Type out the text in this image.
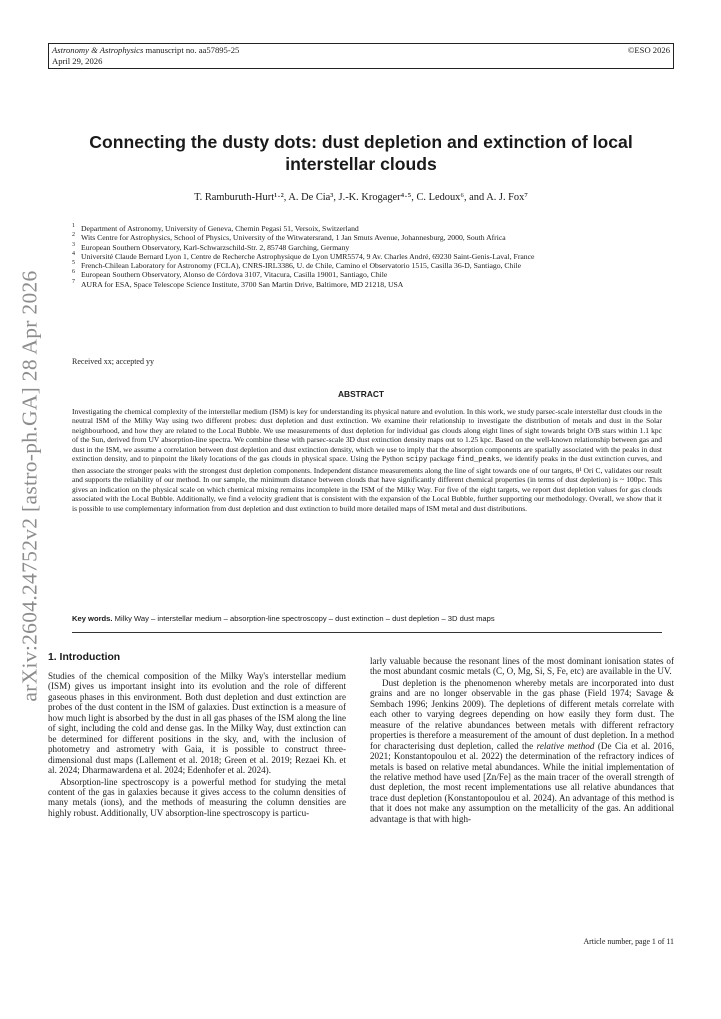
Astronomy & Astrophysics manuscript no. aa57895-25
April 29, 2026
©ESO 2026
arXiv:2604.24752v2 [astro-ph.GA] 28 Apr 2026
Connecting the dusty dots: dust depletion and extinction of local interstellar clouds
T. Ramburuth-Hurt¹·², A. De Cia³, J.-K. Krogager⁴·⁵, C. Ledoux⁶, and A. J. Fox⁷
1 Department of Astronomy, University of Geneva, Chemin Pegasi 51, Versoix, Switzerland
2 Wits Centre for Astrophysics, School of Physics, University of the Witwatersrand, 1 Jan Smuts Avenue, Johannesburg, 2000, South Africa
3 European Southern Observatory, Karl-Schwarzschild-Str. 2, 85748 Garching, Germany
4 Université Claude Bernard Lyon 1, Centre de Recherche Astrophysique de Lyon UMR5574, 9 Av. Charles André, 69230 Saint-Genis-Laval, France
5 French-Chilean Laboratory for Astronomy (FCLA), CNRS-IRL3386, U. de Chile, Camino el Observatorio 1515, Casilla 36-D, Santiago, Chile
6 European Southern Observatory, Alonso de Córdova 3107, Vitacura, Casilla 19001, Santiago, Chile
7 AURA for ESA, Space Telescope Science Institute, 3700 San Martin Drive, Baltimore, MD 21218, USA
Received xx; accepted yy
ABSTRACT
Investigating the chemical complexity of the interstellar medium (ISM) is key for understanding its physical nature and evolution. In this work, we study parsec-scale interstellar dust clouds in the neutral ISM of the Milky Way using two different probes: dust depletion and dust extinction. We examine their relationship to investigate the distribution of metals and dust in the Solar neighbourhood, and how they are related to the Local Bubble. We use measurements of dust depletion for individual gas clouds along eight lines of sight towards bright O/B stars within 1.1 kpc of the Sun, derived from UV absorption-line spectra. We combine these with parsec-scale 3D dust extinction density maps out to 1.25 kpc. Based on the well-known relationship between gas and dust in the ISM, we assume a correlation between dust depletion and dust extinction density, which we use to imply that the absorption components are spatially associated with the peaks in dust extinction density, and to pinpoint the likely locations of the gas clouds in physical space. Using the Python scipy package find_peaks, we identify peaks in the dust extinction curves, and then associate the stronger peaks with the strongest dust depletion components. Independent distance measurements along the line of sight towards one of our targets, θ¹ Ori C, validates our result and supports the reliability of our method. In our sample, the minimum distance between clouds that have significantly different chemical properties (in terms of dust depletion) is ~ 100pc. This gives an indication on the physical scale on which chemical mixing remains incomplete in the ISM of the Milky Way. For five of the eight targets, we report dust depletion values for gas clouds associated with the Local Bubble. Additionally, we find a velocity gradient that is consistent with the expansion of the Local Bubble, further supporting our methodology. Overall, we show that it is possible to use complementary information from dust depletion and dust extinction to build more detailed maps of ISM metal and dust distributions.
Key words. Milky Way – interstellar medium – absorption-line spectroscopy – dust extinction – dust depletion – 3D dust maps
1. Introduction

Studies of the chemical composition of the Milky Way's interstellar medium (ISM) gives us important insight into its evolution and the role of different gaseous phases in this environment. Both dust depletion and dust extinction are probes of the dust content in the ISM of galaxies. Dust extinction is a measure of how much light is absorbed by the dust in all gas phases of the ISM along the line of sight, including the cold and dense gas. In the Milky Way, dust extinction can be determined for different positions in the sky, and, with the inclusion of photometry and astrometry with Gaia, it is possible to construct three-dimensional dust maps (Lallement et al. 2018; Green et al. 2019; Rezaei Kh. et al. 2024; Dharmawardena et al. 2024; Edenhofer et al. 2024).

Absorption-line spectroscopy is a powerful method for studying the metal content of the gas in galaxies because it gives access to the column densities of many metals (ions), and the methods of measuring the column densities are highly robust. Additionally, UV absorption-line spectroscopy is particu-

larly valuable because the resonant lines of the most dominant ionisation states of the most abundant cosmic metals (C, O, Mg, Si, S, Fe, etc) are available in the UV.

Dust depletion is the phenomenon whereby metals are incorporated into dust grains and are no longer observable in the gas phase (Field 1974; Savage & Sembach 1996; Jenkins 2009). The depletions of different metals correlate with each other to varying degrees depending on how easily they form dust. The measure of the relative abundances between metals with different refractory properties is therefore a measurement of the amount of dust depletion. In a method for characterising dust depletion, called the relative method (De Cia et al. 2016, 2021; Konstantopoulou et al. 2022) the determination of the refractory indices of metals is based on relative metal abundances. While the initial implementation of the relative method have used [Zn/Fe] as the main tracer of the overall strength of dust depletion, the most recent implementations use all relative abundances that trace dust depletion (Konstantopoulou et al. 2024). An advantage of this method is that it does not make any assumption on the metallicity of the gas. An additional advantage is that with high-

Article number, page 1 of 11
